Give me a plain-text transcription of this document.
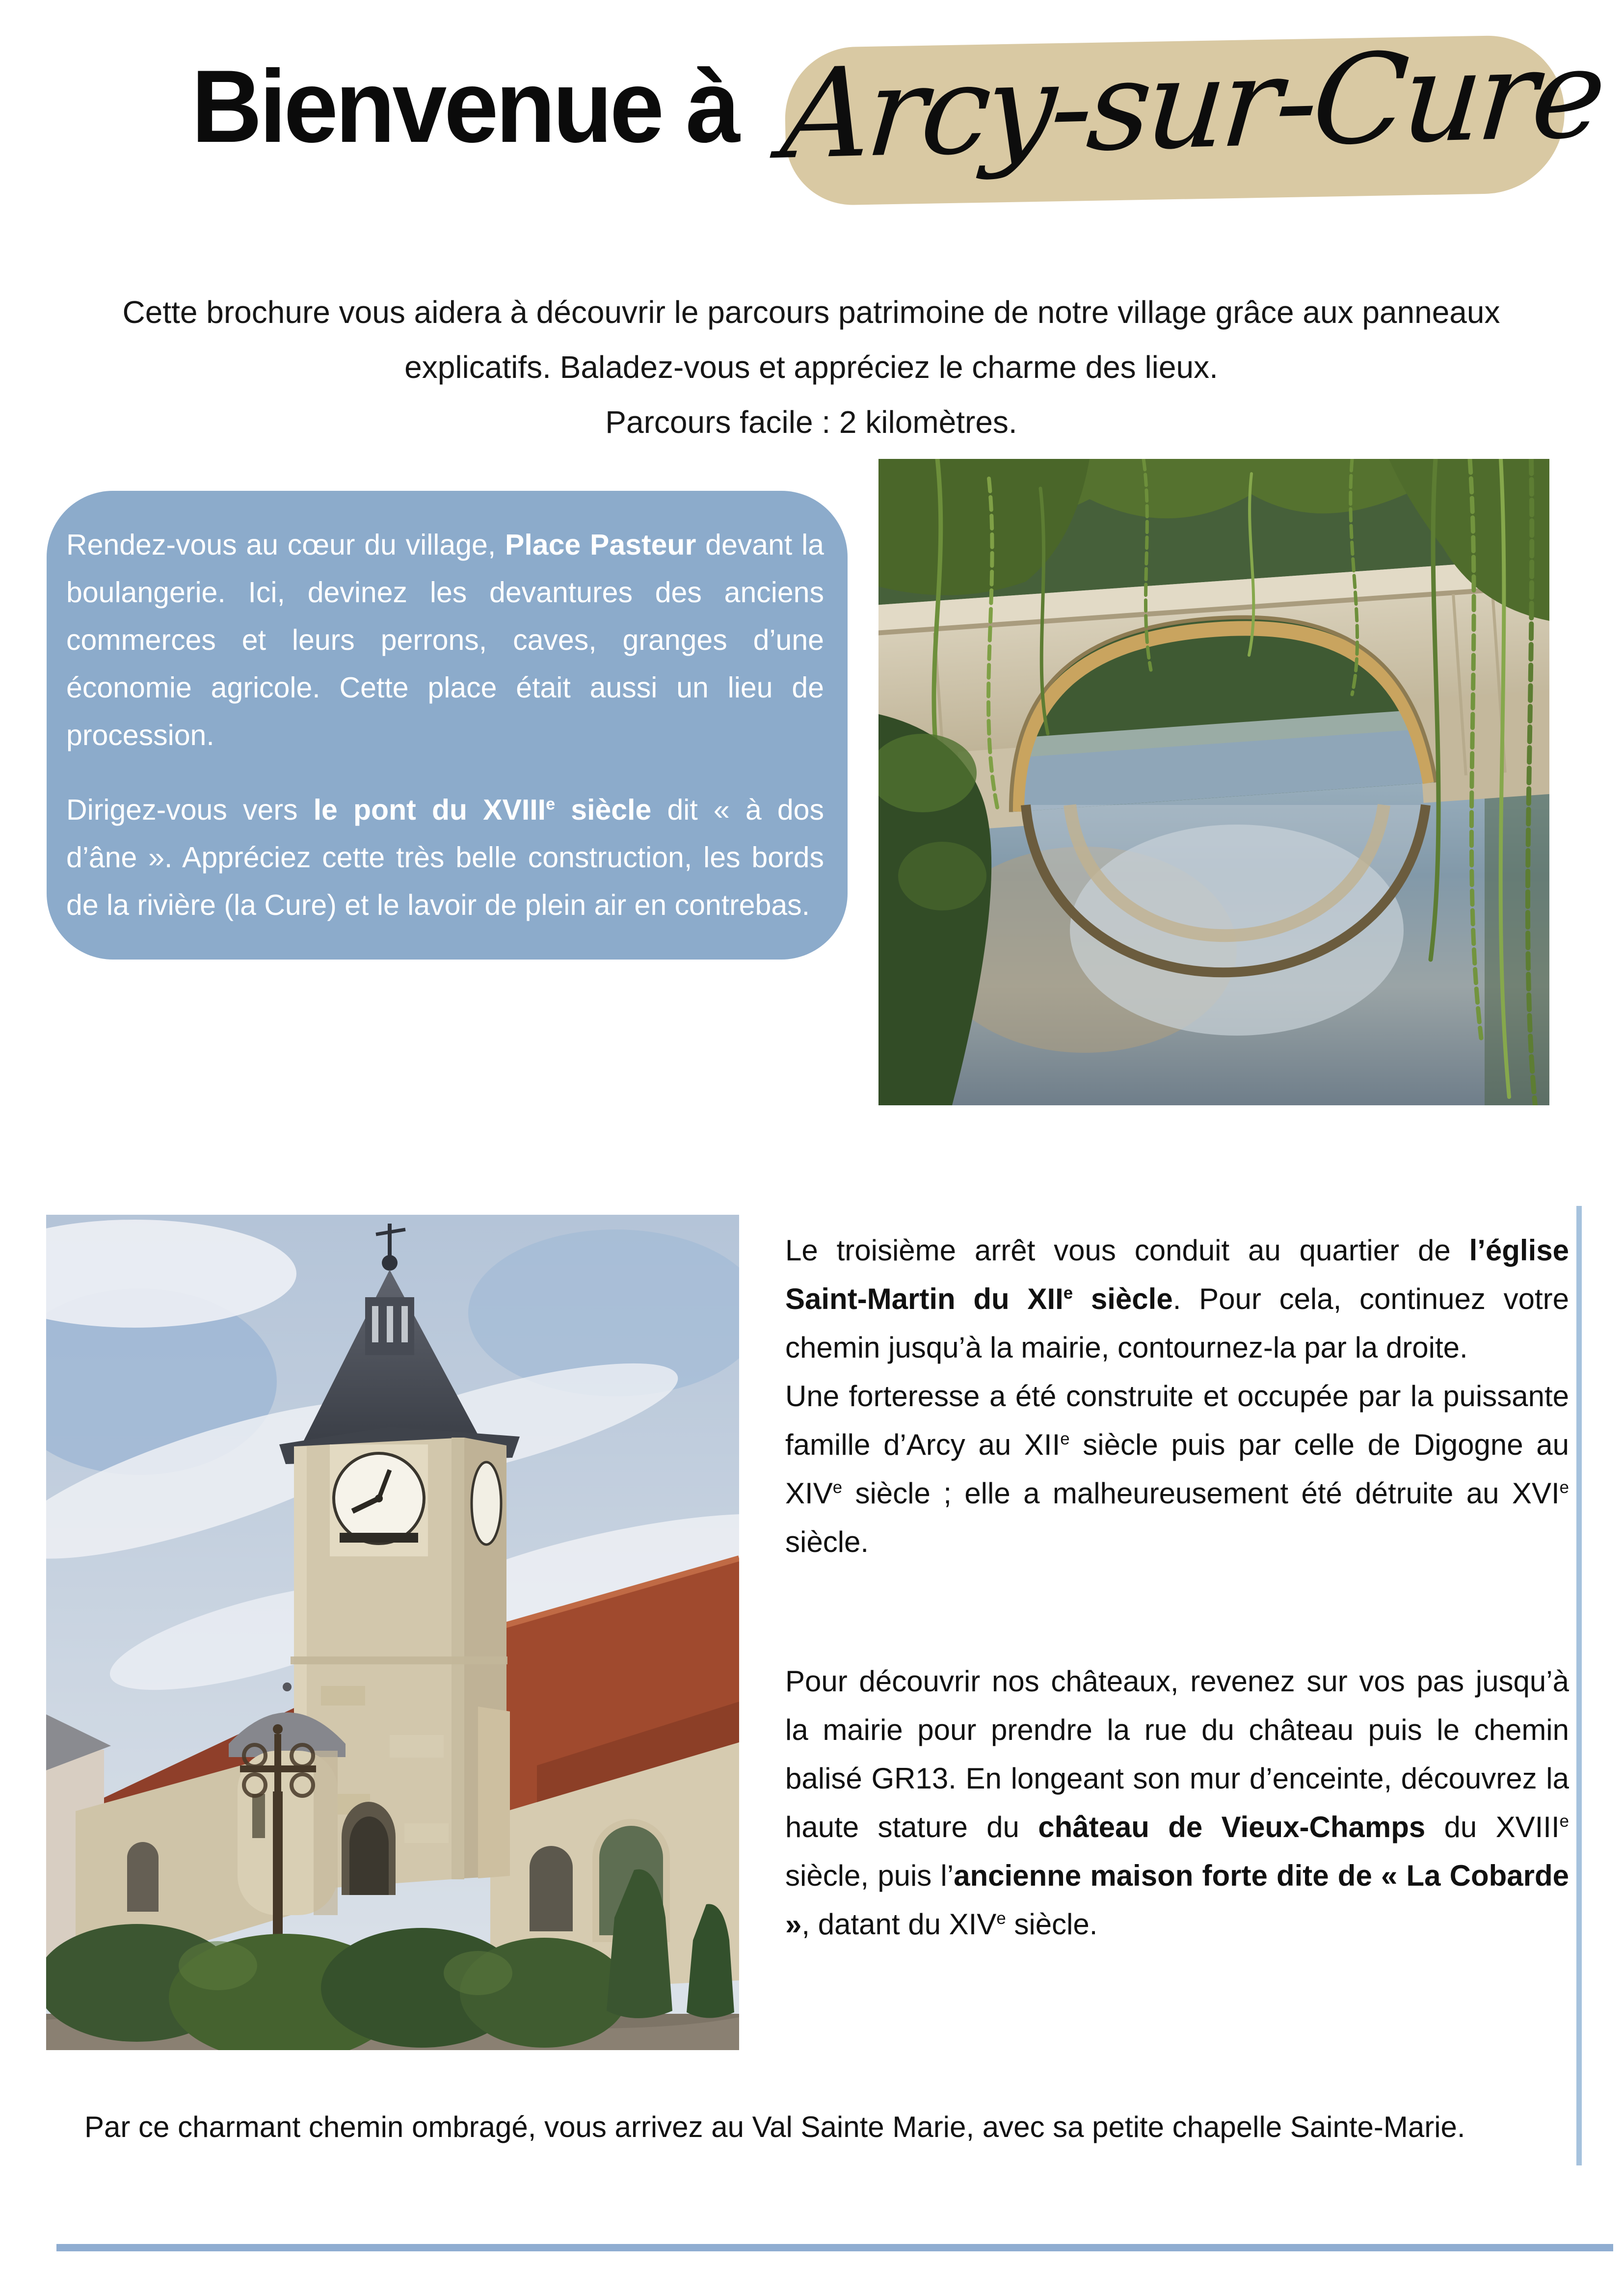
Bienvenue à Arcy-sur-Cure
Cette brochure vous aidera à découvrir le parcours patrimoine de notre village grâce aux panneaux explicatifs. Baladez-vous et appréciez le charme des lieux.
Parcours facile : 2 kilomètres.

Rendez-vous au cœur du village, Place Pasteur devant la boulangerie. Ici, devinez les devantures des anciens commerces et leurs perrons, caves, granges d’une économie agricole. Cette place était aussi un lieu de procession.

Dirigez-vous vers le pont du XVIIIe siècle dit « à dos d’âne ». Appréciez cette très belle construction, les bords de la rivière (la Cure) et le lavoir de plein air en contrebas.

Le troisième arrêt vous conduit au quartier de l’église Saint-Martin du XIIe siècle. Pour cela, continuez votre chemin jusqu’à la mairie, contournez-la par la droite.

Une forteresse a été construite et occupée par la puissante famille d’Arcy au XIIe siècle puis par celle de Digogne au XIVe siècle ; elle a malheureusement été détruite au XVIe siècle.

Pour découvrir nos châteaux, revenez sur vos pas jusqu’à la mairie pour prendre la rue du château puis le chemin balisé GR13. En longeant son mur d’enceinte, découvrez la haute stature du château de Vieux-Champs du XVIIIe siècle, puis l’ancienne maison forte dite de « La Cobarde », datant du XIVe siècle.

Par ce charmant chemin ombragé, vous arrivez au Val Sainte Marie, avec sa petite chapelle Sainte-Marie.
